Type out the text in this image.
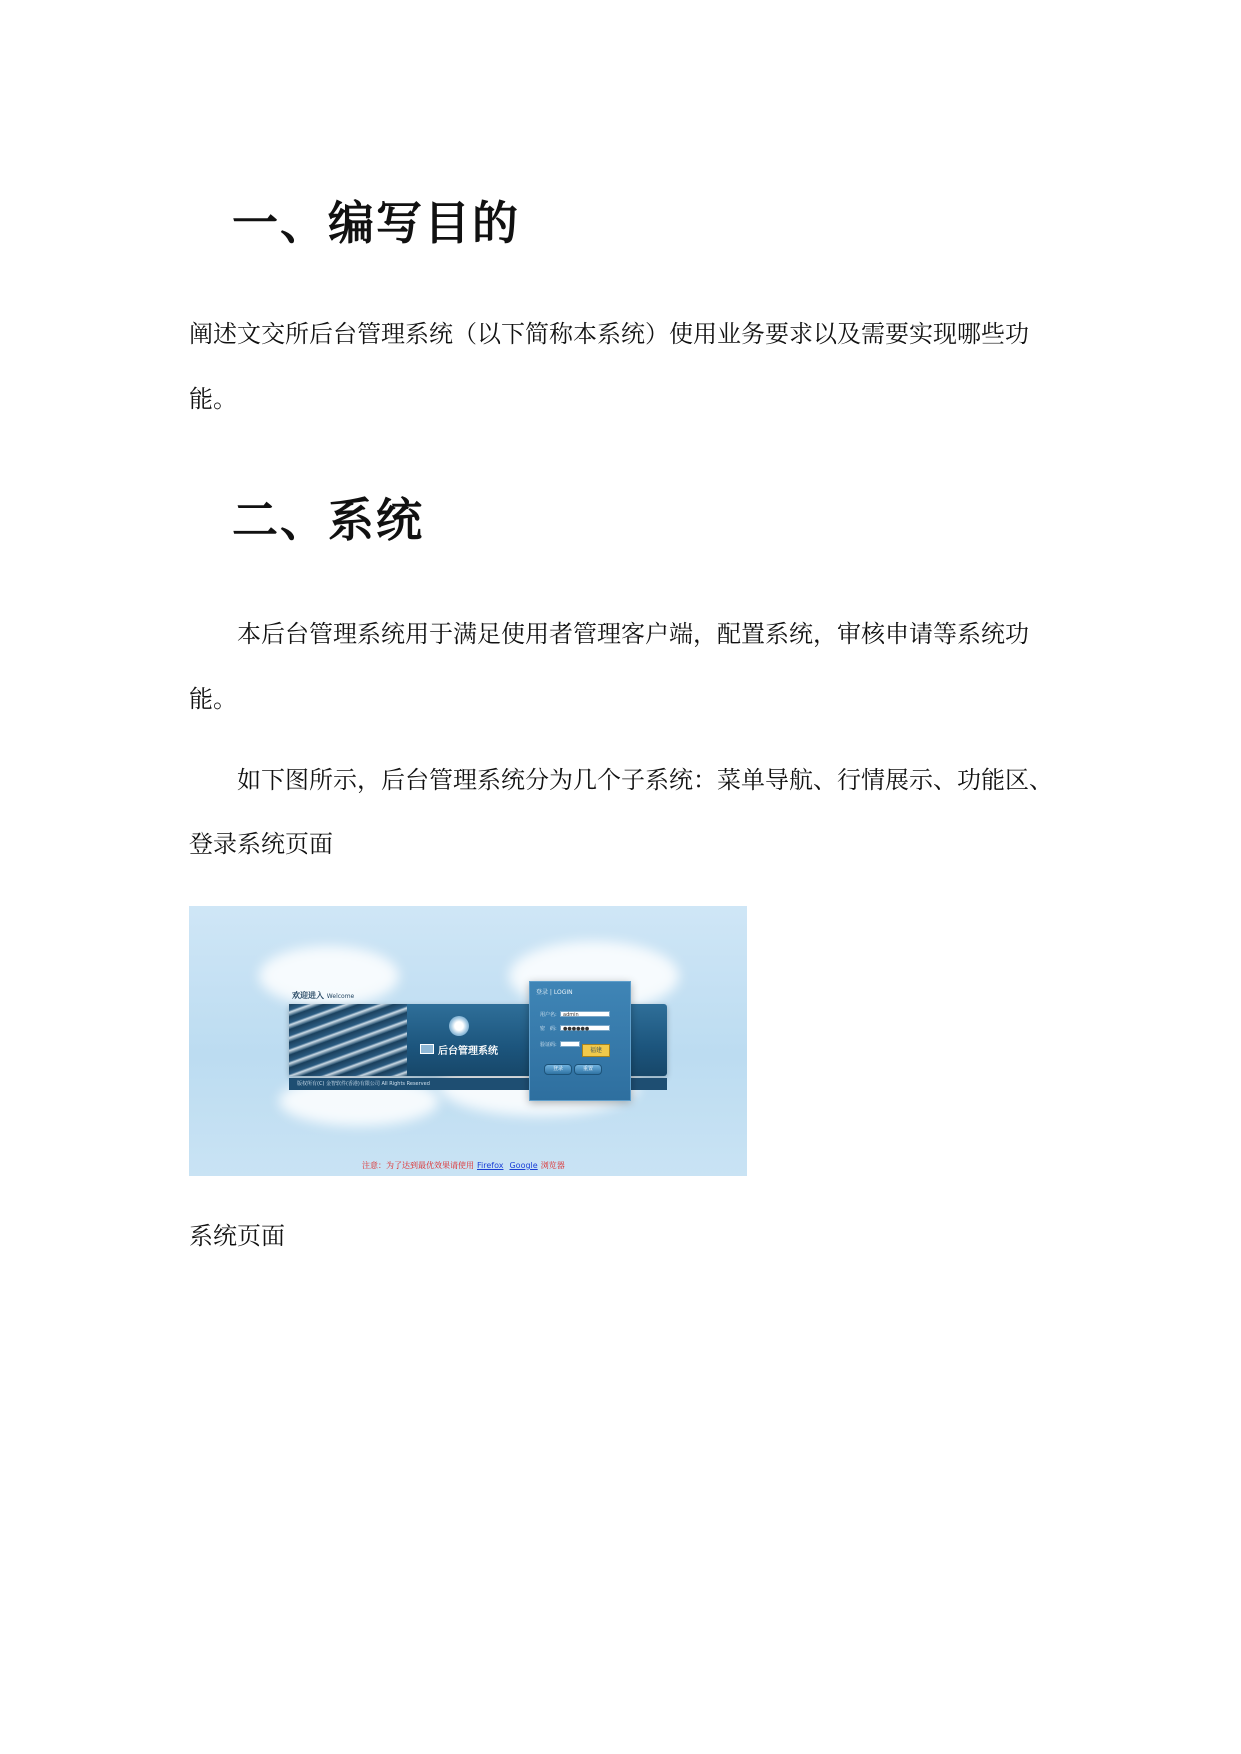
一、编写目的

阐述文交所后台管理系统（以下简称本系统）使用业务要求以及需要实现哪些功

能。

二、系统

本后台管理系统用于满足使用者管理客户端，配置系统，审核申请等系统功

能。

如下图所示，后台管理系统分为几个子系统：菜单导航、行情展示、功能区、

登录系统页面

欢迎进入 Welcome
后台管理系统
版权所有(C) 金智软件(香港)有限公司 All Rights Reserved
登录 | LOGIN
用户名:	admin
密　码:	●●●●●●
验证码:
福建
登录	重置
注意：为了达到最优效果请使用 Firefox Google 浏览器

系统页面
